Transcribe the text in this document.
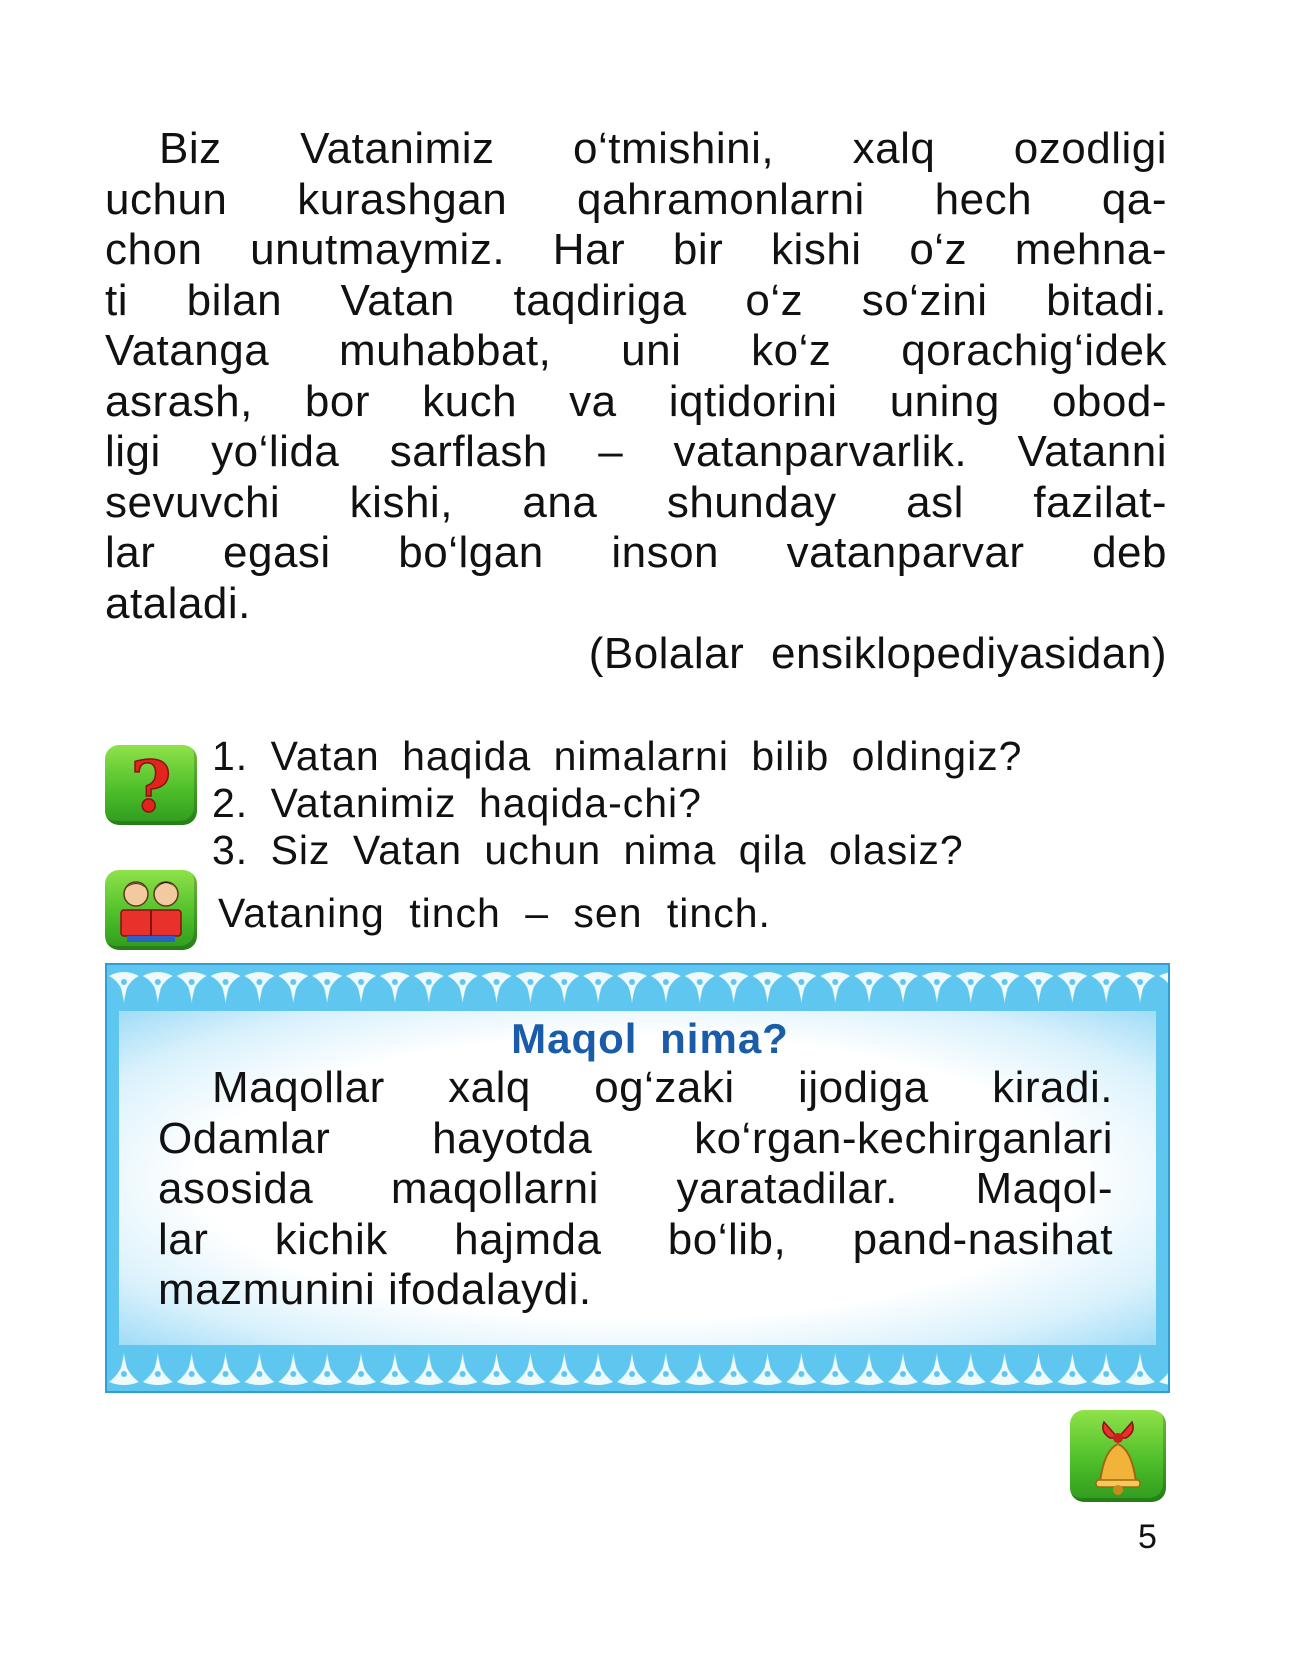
Biz Vatanimiz o‘tmishini, xalq ozodligi
uchun kurashgan qahramonlarni hech qa-
chon unutmaymiz. Har bir kishi o‘z mehna-
ti bilan Vatan taqdiriga o‘z so‘zini bitadi.
Vatanga muhabbat, uni ko‘z qorachig‘idek
asrash, bor kuch va iqtidorini uning obod-
ligi yo‘lida sarflash – vatanparvarlik. Vatanni
sevuvchi kishi, ana shunday asl fazilat-
lar egasi bo‘lgan inson vatanparvar deb
ataladi.
(Bolalar ensiklopediyasidan)
? 1. Vatan haqida nimalarni bilib oldingiz?
2. Vatanimiz haqida-chi?
3. Siz Vatan uchun nima qila olasiz?
Vataning tinch – sen tinch.
Maqol nima?
Maqollar xalq og‘zaki ijodiga kiradi.
Odamlar hayotda ko‘rgan-kechirganlari
asosida maqollarni yaratadilar. Maqol-
lar kichik hajmda bo‘lib, pand-nasihat
mazmunini ifodalaydi.
5
